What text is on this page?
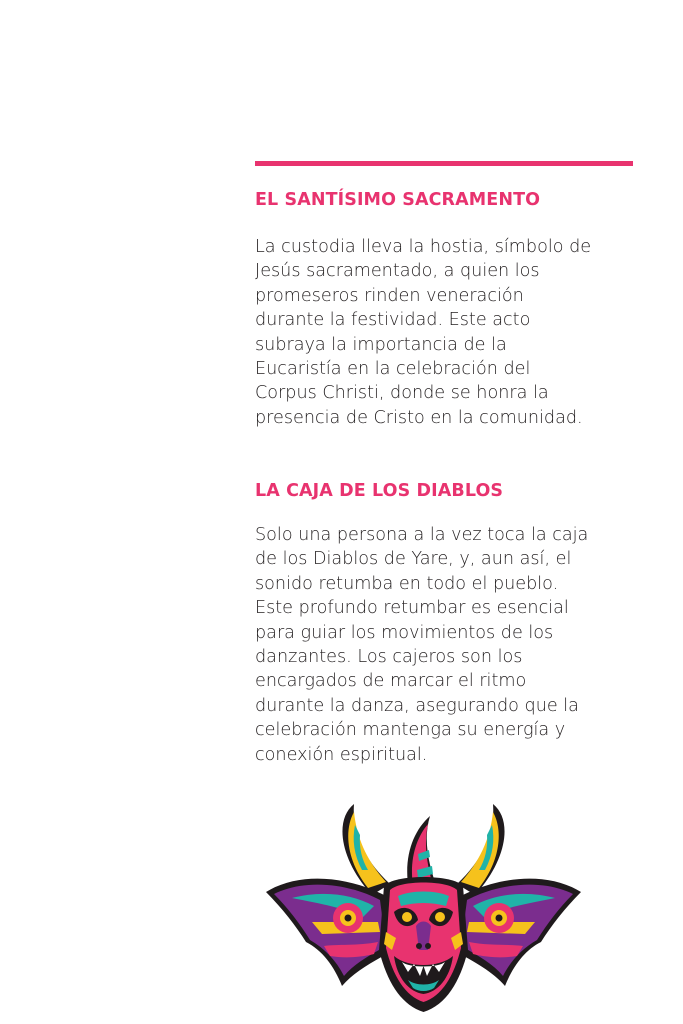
EL SANTÍSIMO SACRAMENTO
La custodia lleva la hostia, símbolo de
Jesús sacramentado, a quien los
promeseros rinden veneración
durante la festividad. Este acto
subraya la importancia de la
Eucaristía en la celebración del
Corpus Christi, donde se honra la
presencia de Cristo en la comunidad.
LA CAJA DE LOS DIABLOS
Solo una persona a la vez toca la caja
de los Diablos de Yare, y, aun así, el
sonido retumba en todo el pueblo.
Este profundo retumbar es esencial
para guiar los movimientos de los
danzantes. Los cajeros son los
encargados de marcar el ritmo
durante la danza, asegurando que la
celebración mantenga su energía y
conexión espiritual.
